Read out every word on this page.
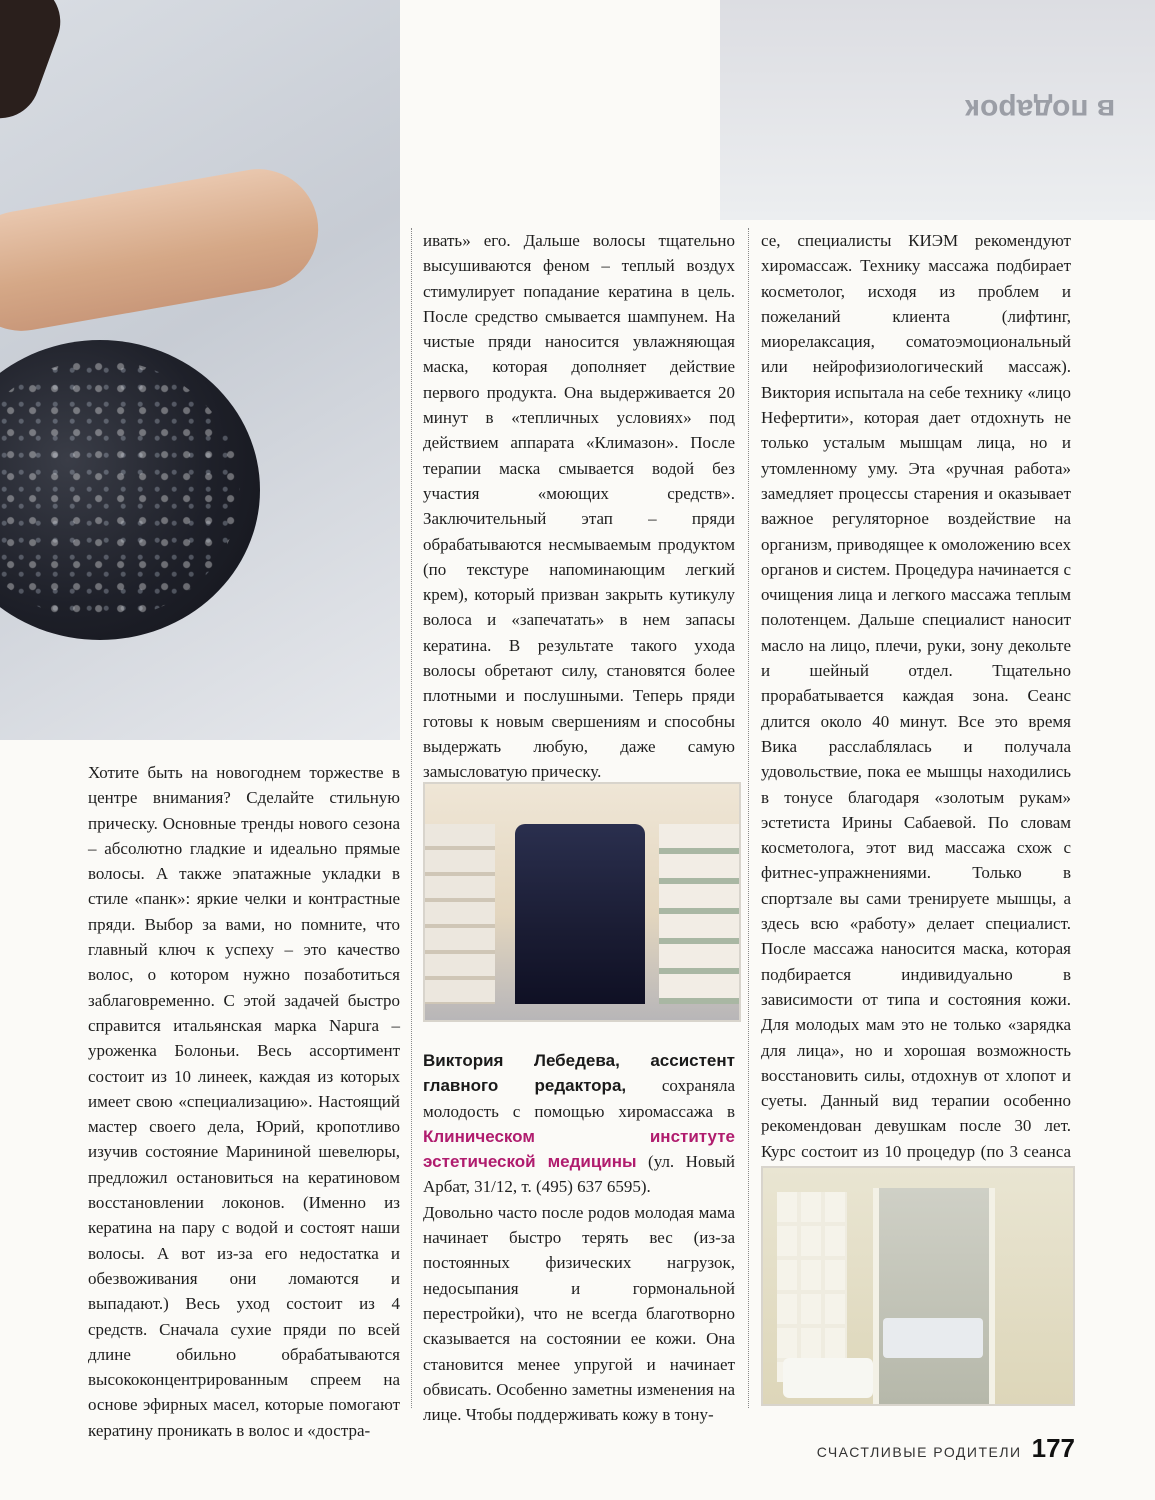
в подарок

Хотите быть на новогоднем торжестве в центре внимания? Сделайте стильную прическу. Основные тренды нового сезона – абсолютно гладкие и идеально прямые волосы. А также эпатажные укладки в стиле «панк»: яркие челки и контрастные пряди. Выбор за вами, но помните, что главный ключ к успеху – это качество волос, о котором нужно позаботиться заблаговременно. С этой задачей быстро справится итальянская марка Napura – уроженка Болоньи. Весь ассортимент состоит из 10 линеек, каждая из которых имеет свою «специализацию». Настоящий мастер своего дела, Юрий, кропотливо изучив состояние Марининой шевелюры, предложил остановиться на кератиновом восстановлении локонов. (Именно из кератина на пару с водой и состоят наши волосы. А вот из-за его недостатка и обезвоживания они ломаются и выпадают.) Весь уход состоит из 4 средств. Сначала сухие пряди по всей длине обильно обрабатываются высококонцентрированным спреем на основе эфирных масел, которые помогают кератину проникать в волос и «достра-

ивать» его. Дальше волосы тщательно высушиваются феном – теплый воздух стимулирует попадание кератина в цель. После средство смывается шампунем. На чистые пряди наносится увлажняющая маска, которая дополняет действие первого продукта. Она выдерживается 20 минут в «тепличных условиях» под действием аппарата «Климазон». После терапии маска смывается водой без участия «моющих средств». Заключительный этап – пряди обрабатываются несмываемым продуктом (по текстуре напоминающим легкий крем), который призван закрыть кутикулу волоса и «запечатать» в нем запасы кератина. В результате такого ухода волосы обретают силу, становятся более плотными и послушными. Теперь пряди готовы к новым свершениям и способны выдержать любую, даже самую замысловатую прическу.

Виктория Лебедева, ассистент главного редактора, сохраняла молодость с помощью хиромассажа в Клиническом институте эстетической медицины (ул. Новый Арбат, 31/12, т. (495) 637 6595).

Довольно часто после родов молодая мама начинает быстро терять вес (из-за постоянных физических нагрузок, недосыпания и гормональной перестройки), что не всегда благотворно сказывается на состоянии ее кожи. Она становится менее упругой и начинает обвисать. Особенно заметны изменения на лице. Чтобы поддерживать кожу в тону-

се, специалисты КИЭМ рекомендуют хиромассаж. Технику массажа подбирает косметолог, исходя из проблем и пожеланий клиента (лифтинг, миорелаксация, соматоэмоциональный или нейрофизиологический массаж). Виктория испытала на себе технику «лицо Нефертити», которая дает отдохнуть не только усталым мышцам лица, но и утомленному уму. Эта «ручная работа» замедляет процессы старения и оказывает важное регуляторное воздействие на организм, приводящее к омоложению всех органов и систем. Процедура начинается с очищения лица и легкого массажа теплым полотенцем. Дальше специалист наносит масло на лицо, плечи, руки, зону декольте и шейный отдел. Тщательно прорабатывается каждая зона. Сеанс длится около 40 минут. Все это время Вика расслаблялась и получала удовольствие, пока ее мышцы находились в тонусе благодаря «золотым рукам» эстетиста Ирины Сабаевой. По словам косметолога, этот вид массажа схож с фитнес-упражнениями. Только в спортзале вы сами тренируете мышцы, а здесь всю «работу» делает специалист. После массажа наносится маска, которая подбирается индивидуально в зависимости от типа и состояния кожи. Для молодых мам это не только «зарядка для лица», но и хорошая возможность восстановить силы, отдохнув от хлопот и суеты. Данный вид терапии особенно рекомендован девушкам после 30 лет. Курс состоит из 10 процедур (по 3 сеанса

СЧАСТЛИВЫЕ РОДИТЕЛИ 177
